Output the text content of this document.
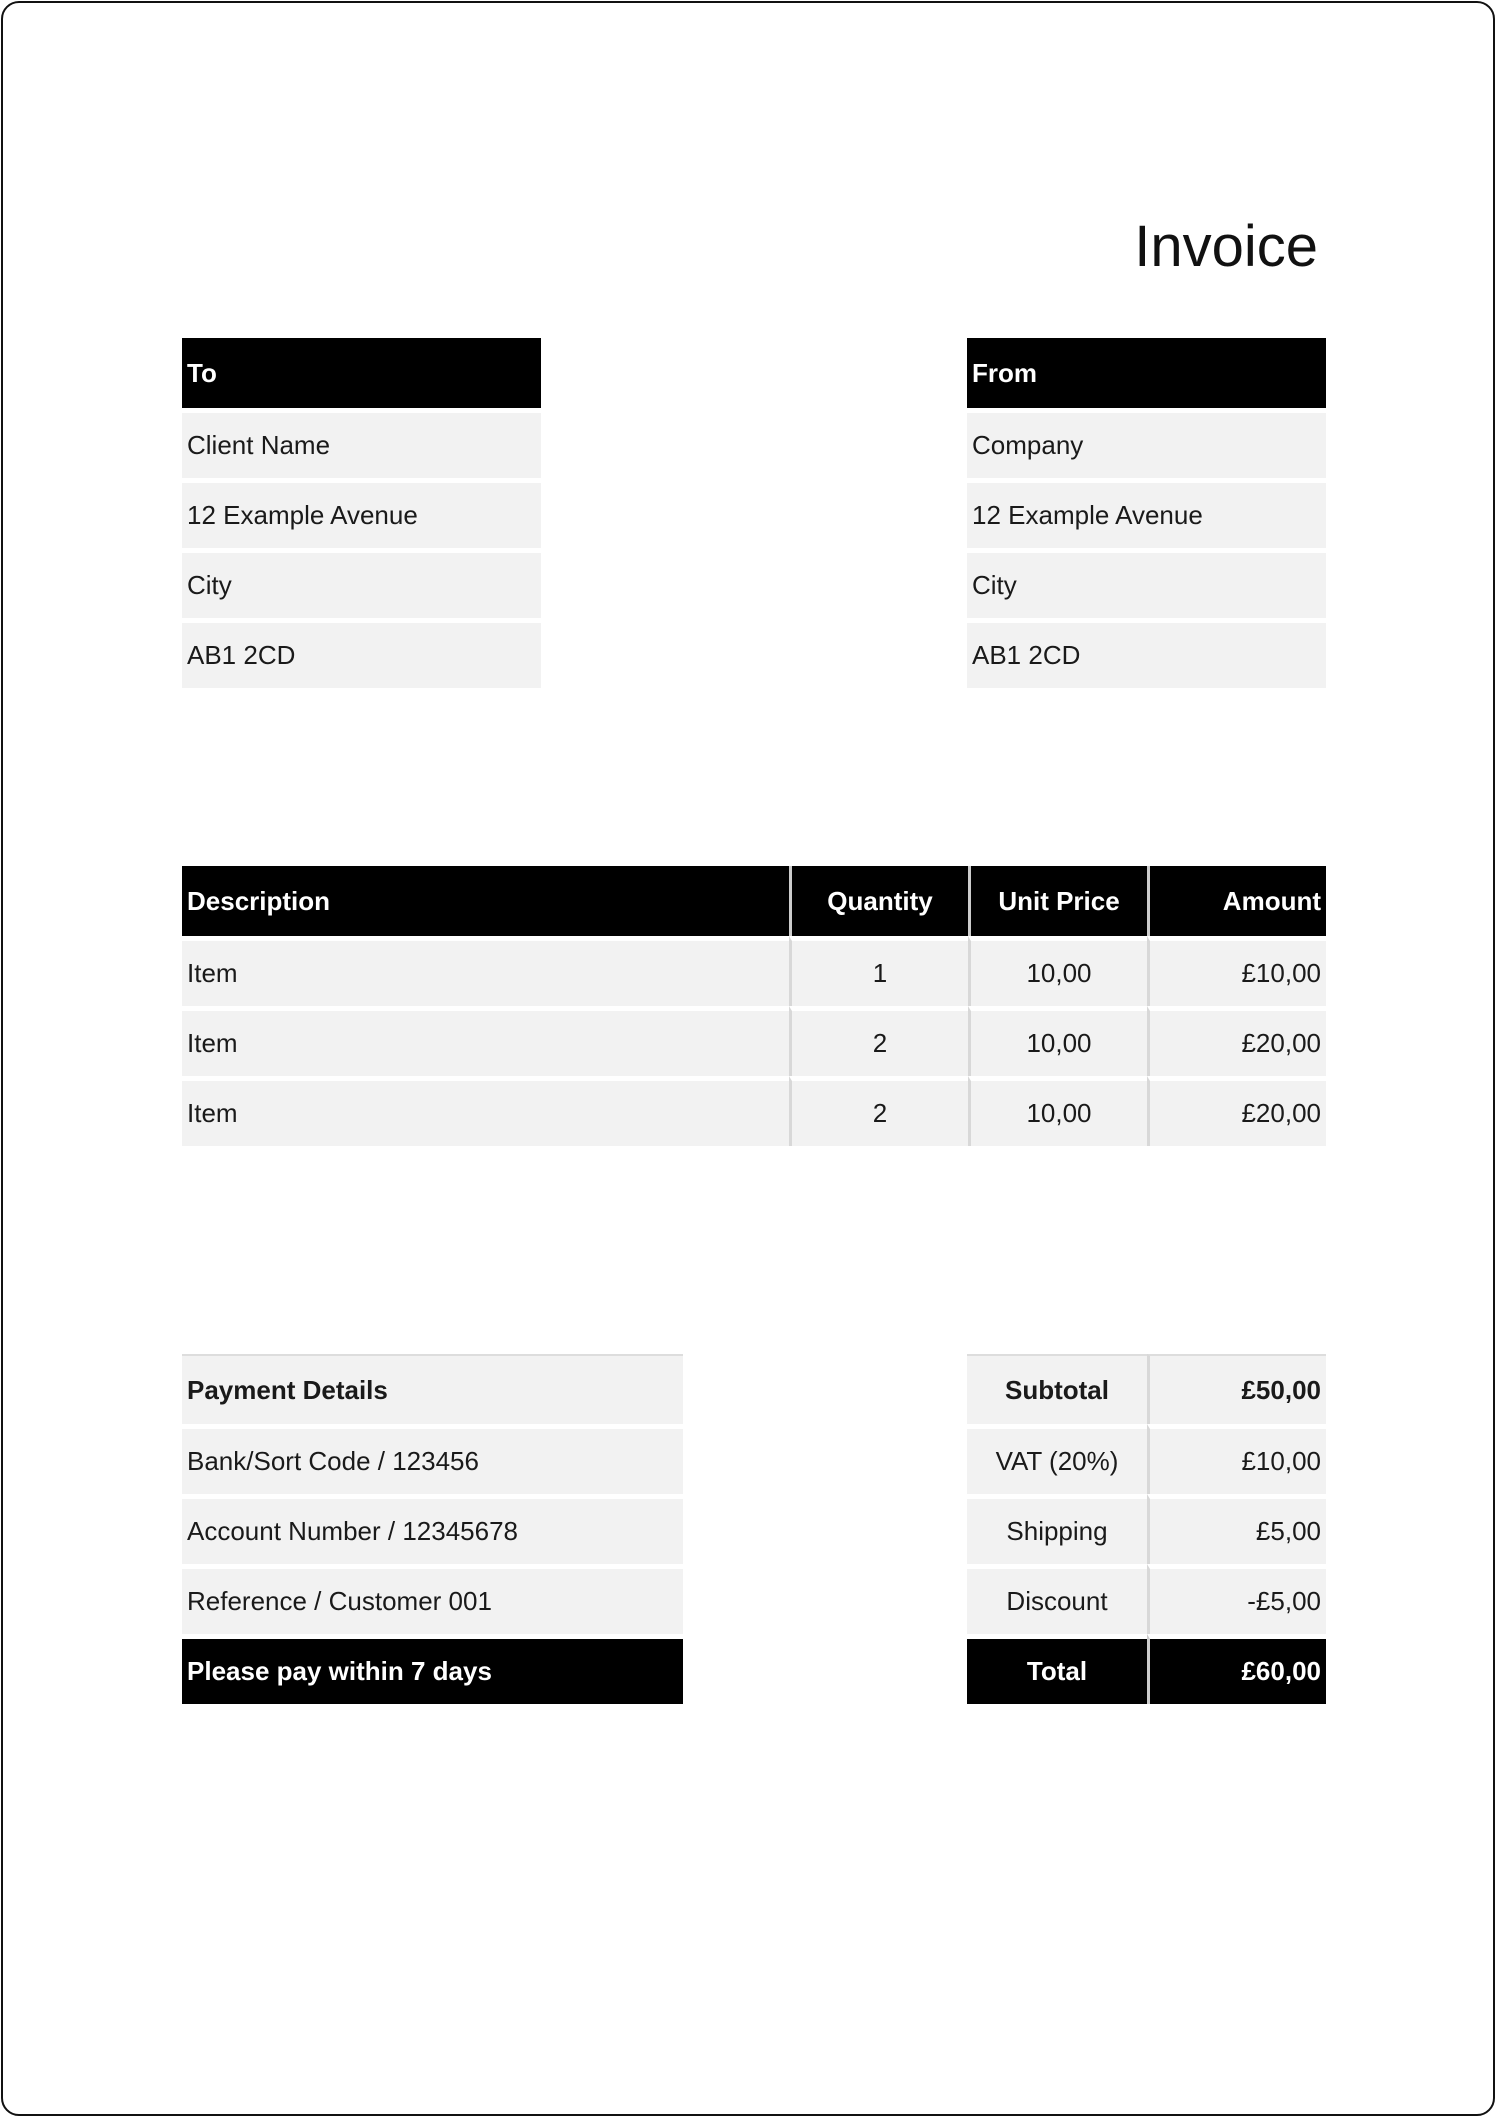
Invoice
To
Client Name
12 Example Avenue
City
AB1 2CD
From
Company
12 Example Avenue
City
AB1 2CD
Description	Quantity	Unit Price	Amount
Item	1	10,00	£10,00
Item	2	10,00	£20,00
Item	2	10,00	£20,00
Payment Details
Bank/Sort Code / 123456
Account Number / 12345678
Reference / Customer 001
Please pay within 7 days
Subtotal	£50,00
VAT (20%)	£10,00
Shipping	£5,00
Discount	-£5,00
Total	£60,00
